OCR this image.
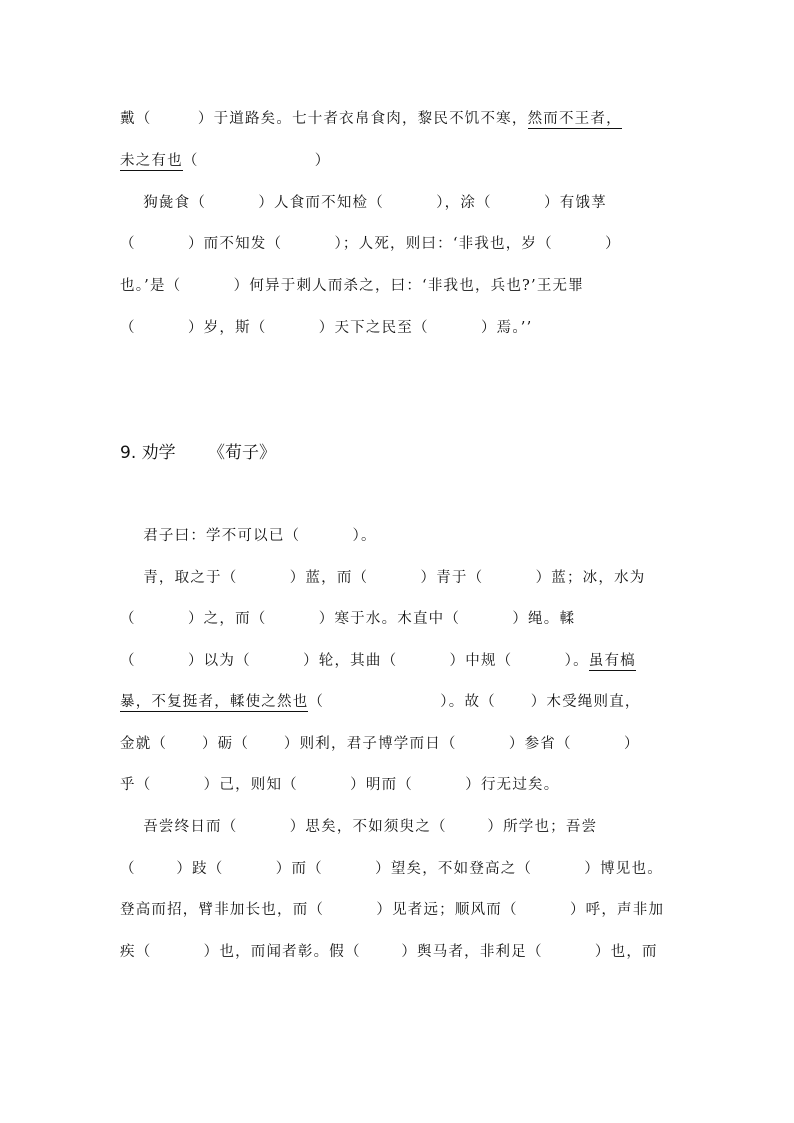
戴（        ）于道路矣。七十者衣帛食肉，黎民不饥不寒，然而不王者，
未之有也（                    ）
狗彘食（         ）人食而不知检（         ），涂（         ）有饿莩
（         ）而不知发（         ）；人死，则曰：‘非我也，岁（         ）
也。’是（         ）何异于刺人而杀之，曰：‘非我也，兵也?’王无罪
（         ）岁，斯（         ）天下之民至（         ）焉。’’
9. 劝学      《荀子》
君子曰：学不可以已（         ）。
青，取之于（         ）蓝，而（         ）青于（         ）蓝；冰，水为
（         ）之，而（         ）寒于水。木直中（         ）绳。輮
（         ）以为（         ）轮，其曲（         ）中规（         ）。虽有槁
暴，不复挺者，輮使之然也（                    ）。故（      ）木受绳则直，
金就（      ）砺（      ）则利，君子博学而日（         ）参省（         ）
乎（         ）己，则知（         ）明而（         ）行无过矣。
吾尝终日而（         ）思矣，不如须臾之（       ）所学也；吾尝
（       ）跂（         ）而（         ）望矣，不如登高之（         ）博见也。
登高而招，臂非加长也，而（         ）见者远；顺风而（         ）呼，声非加
疾（         ）也，而闻者彰。假（       ）舆马者，非利足（         ）也，而
